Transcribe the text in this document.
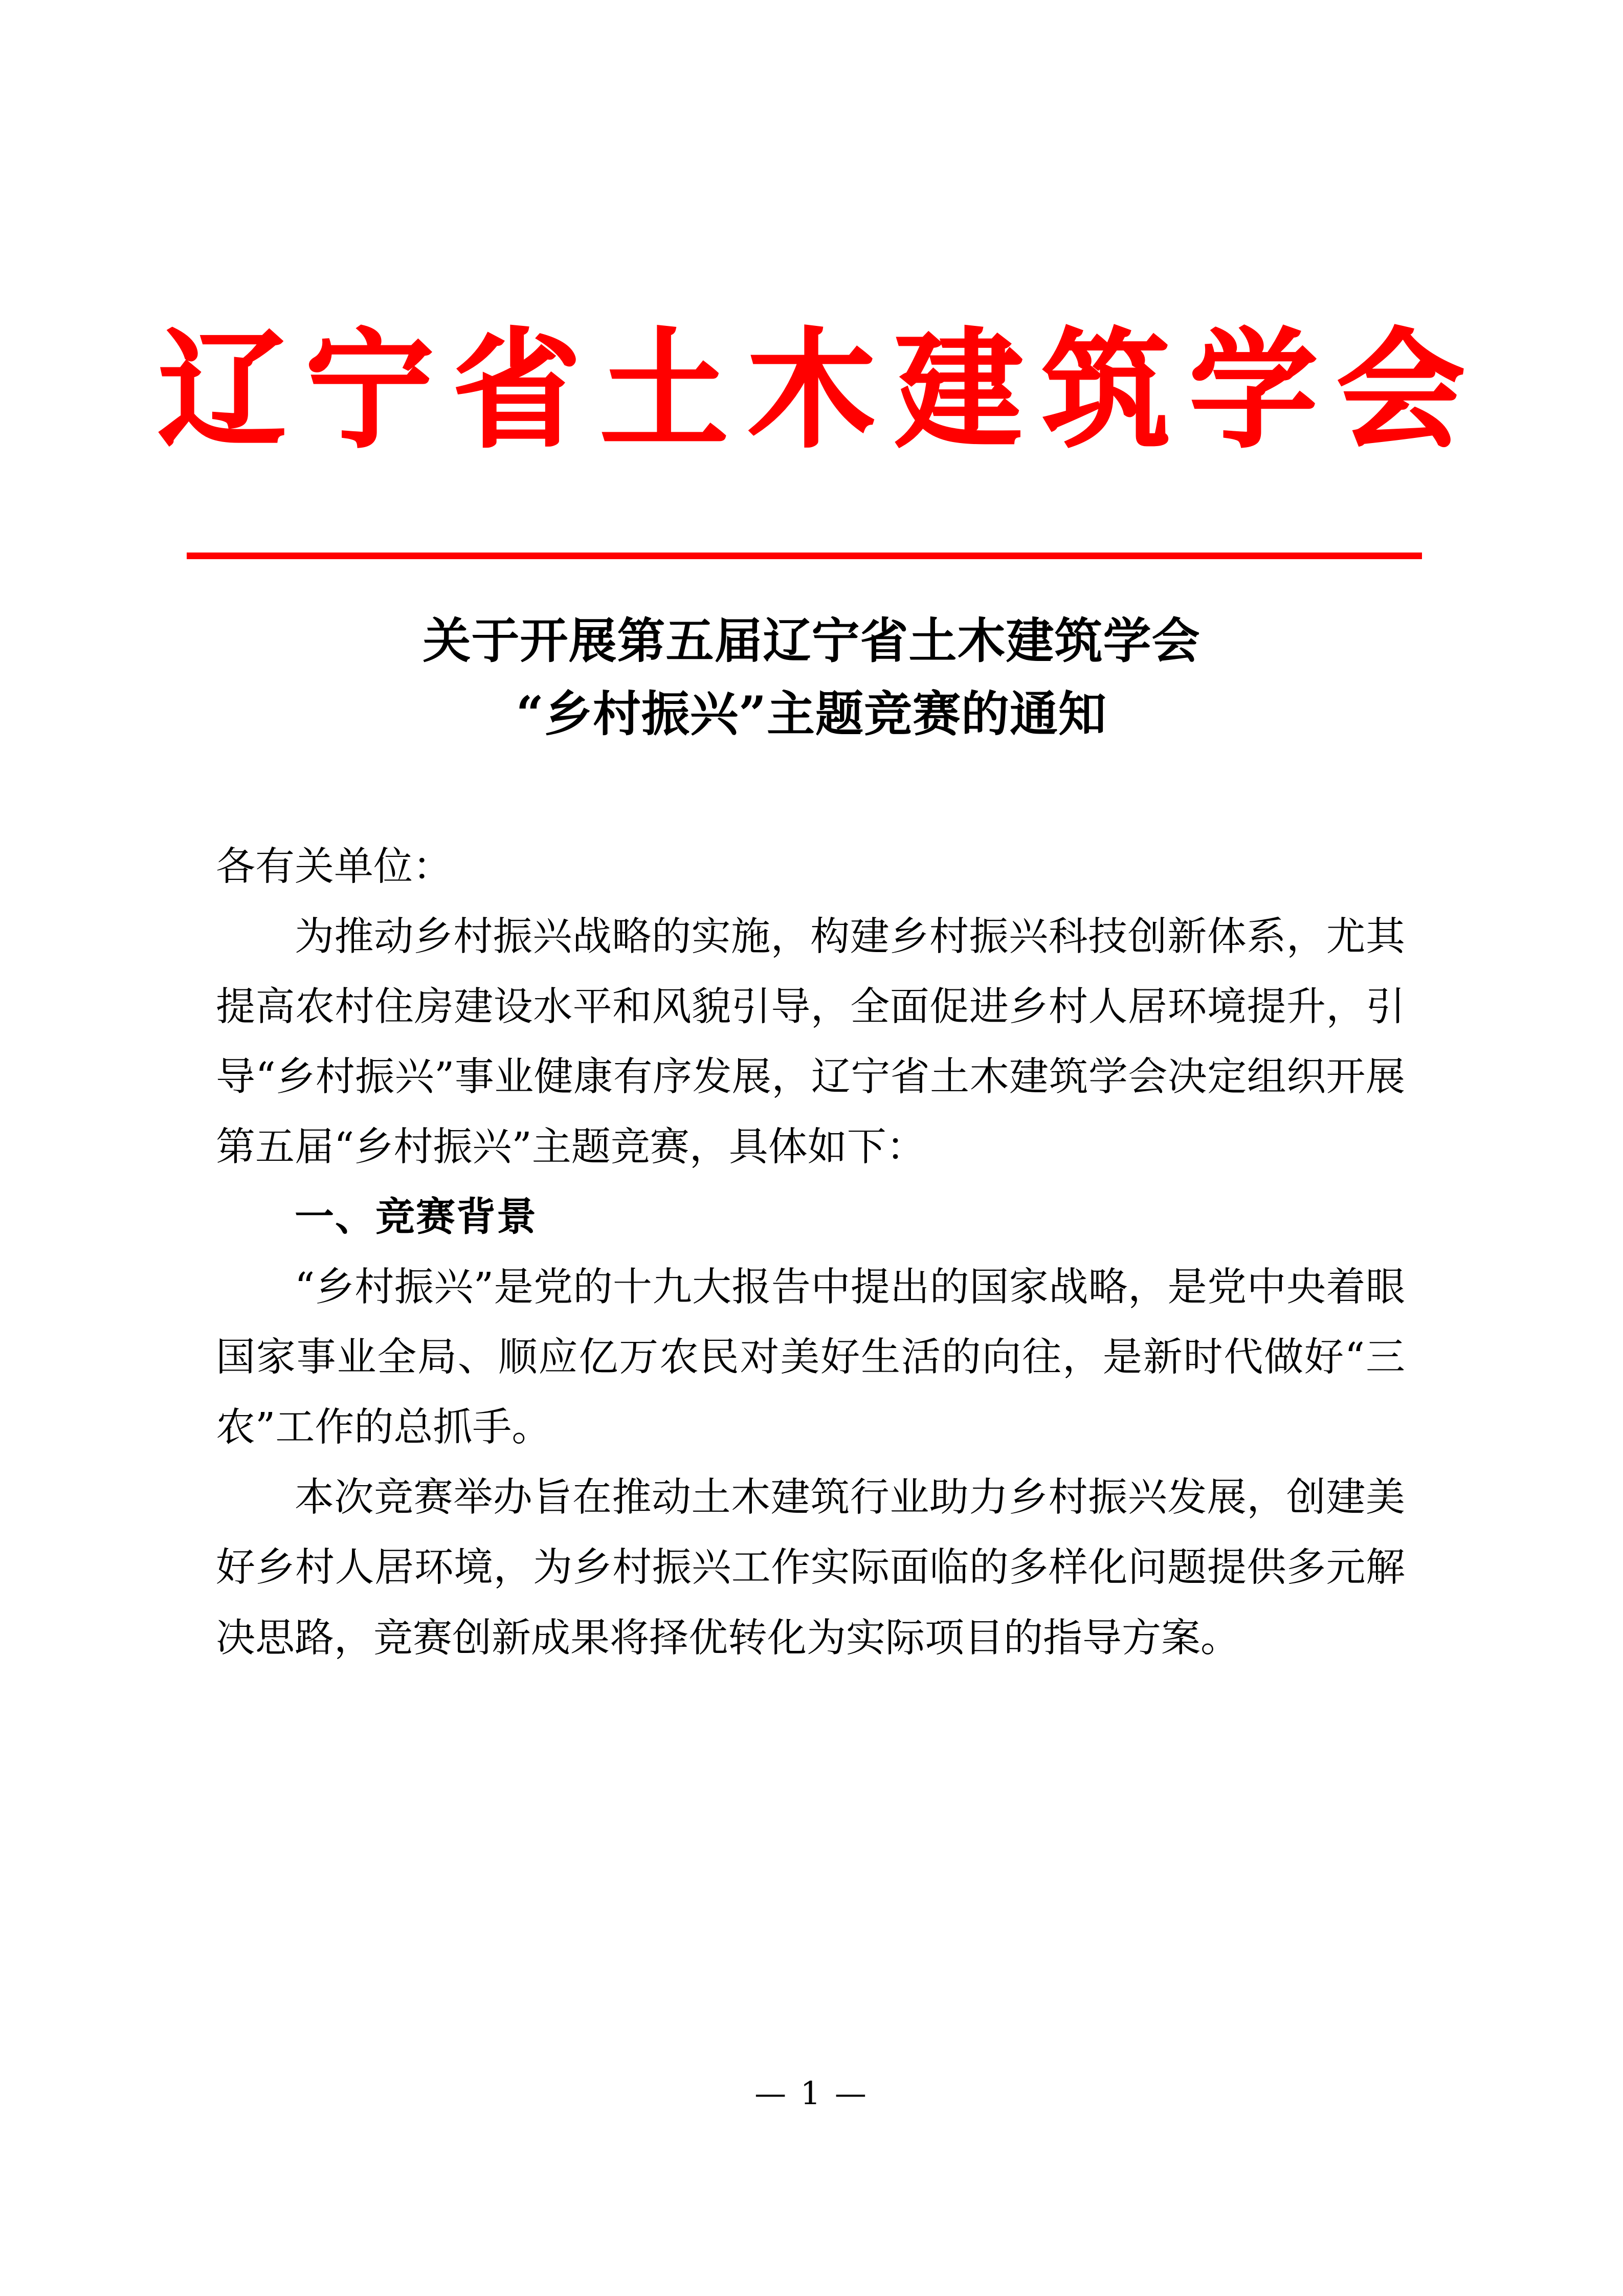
辽宁省土木建筑学会
关于开展第五届辽宁省土木建筑学会
“乡村振兴”主题竞赛的通知

各有关单位：

为推动乡村振兴战略的实施，构建乡村振兴科技创新体系，尤其提高农村住房建设水平和风貌引导，全面促进乡村人居环境提升，引导“乡村振兴”事业健康有序发展，辽宁省土木建筑学会决定组织开展第五届“乡村振兴”主题竞赛，具体如下：

一、竞赛背景

“乡村振兴”是党的十九大报告中提出的国家战略，是党中央着眼国家事业全局、顺应亿万农民对美好生活的向往，是新时代做好“三农”工作的总抓手。

本次竞赛举办旨在推动土木建筑行业助力乡村振兴发展，创建美好乡村人居环境，为乡村振兴工作实际面临的多样化问题提供多元解决思路，竞赛创新成果将择优转化为实际项目的指导方案。

— 1 —
